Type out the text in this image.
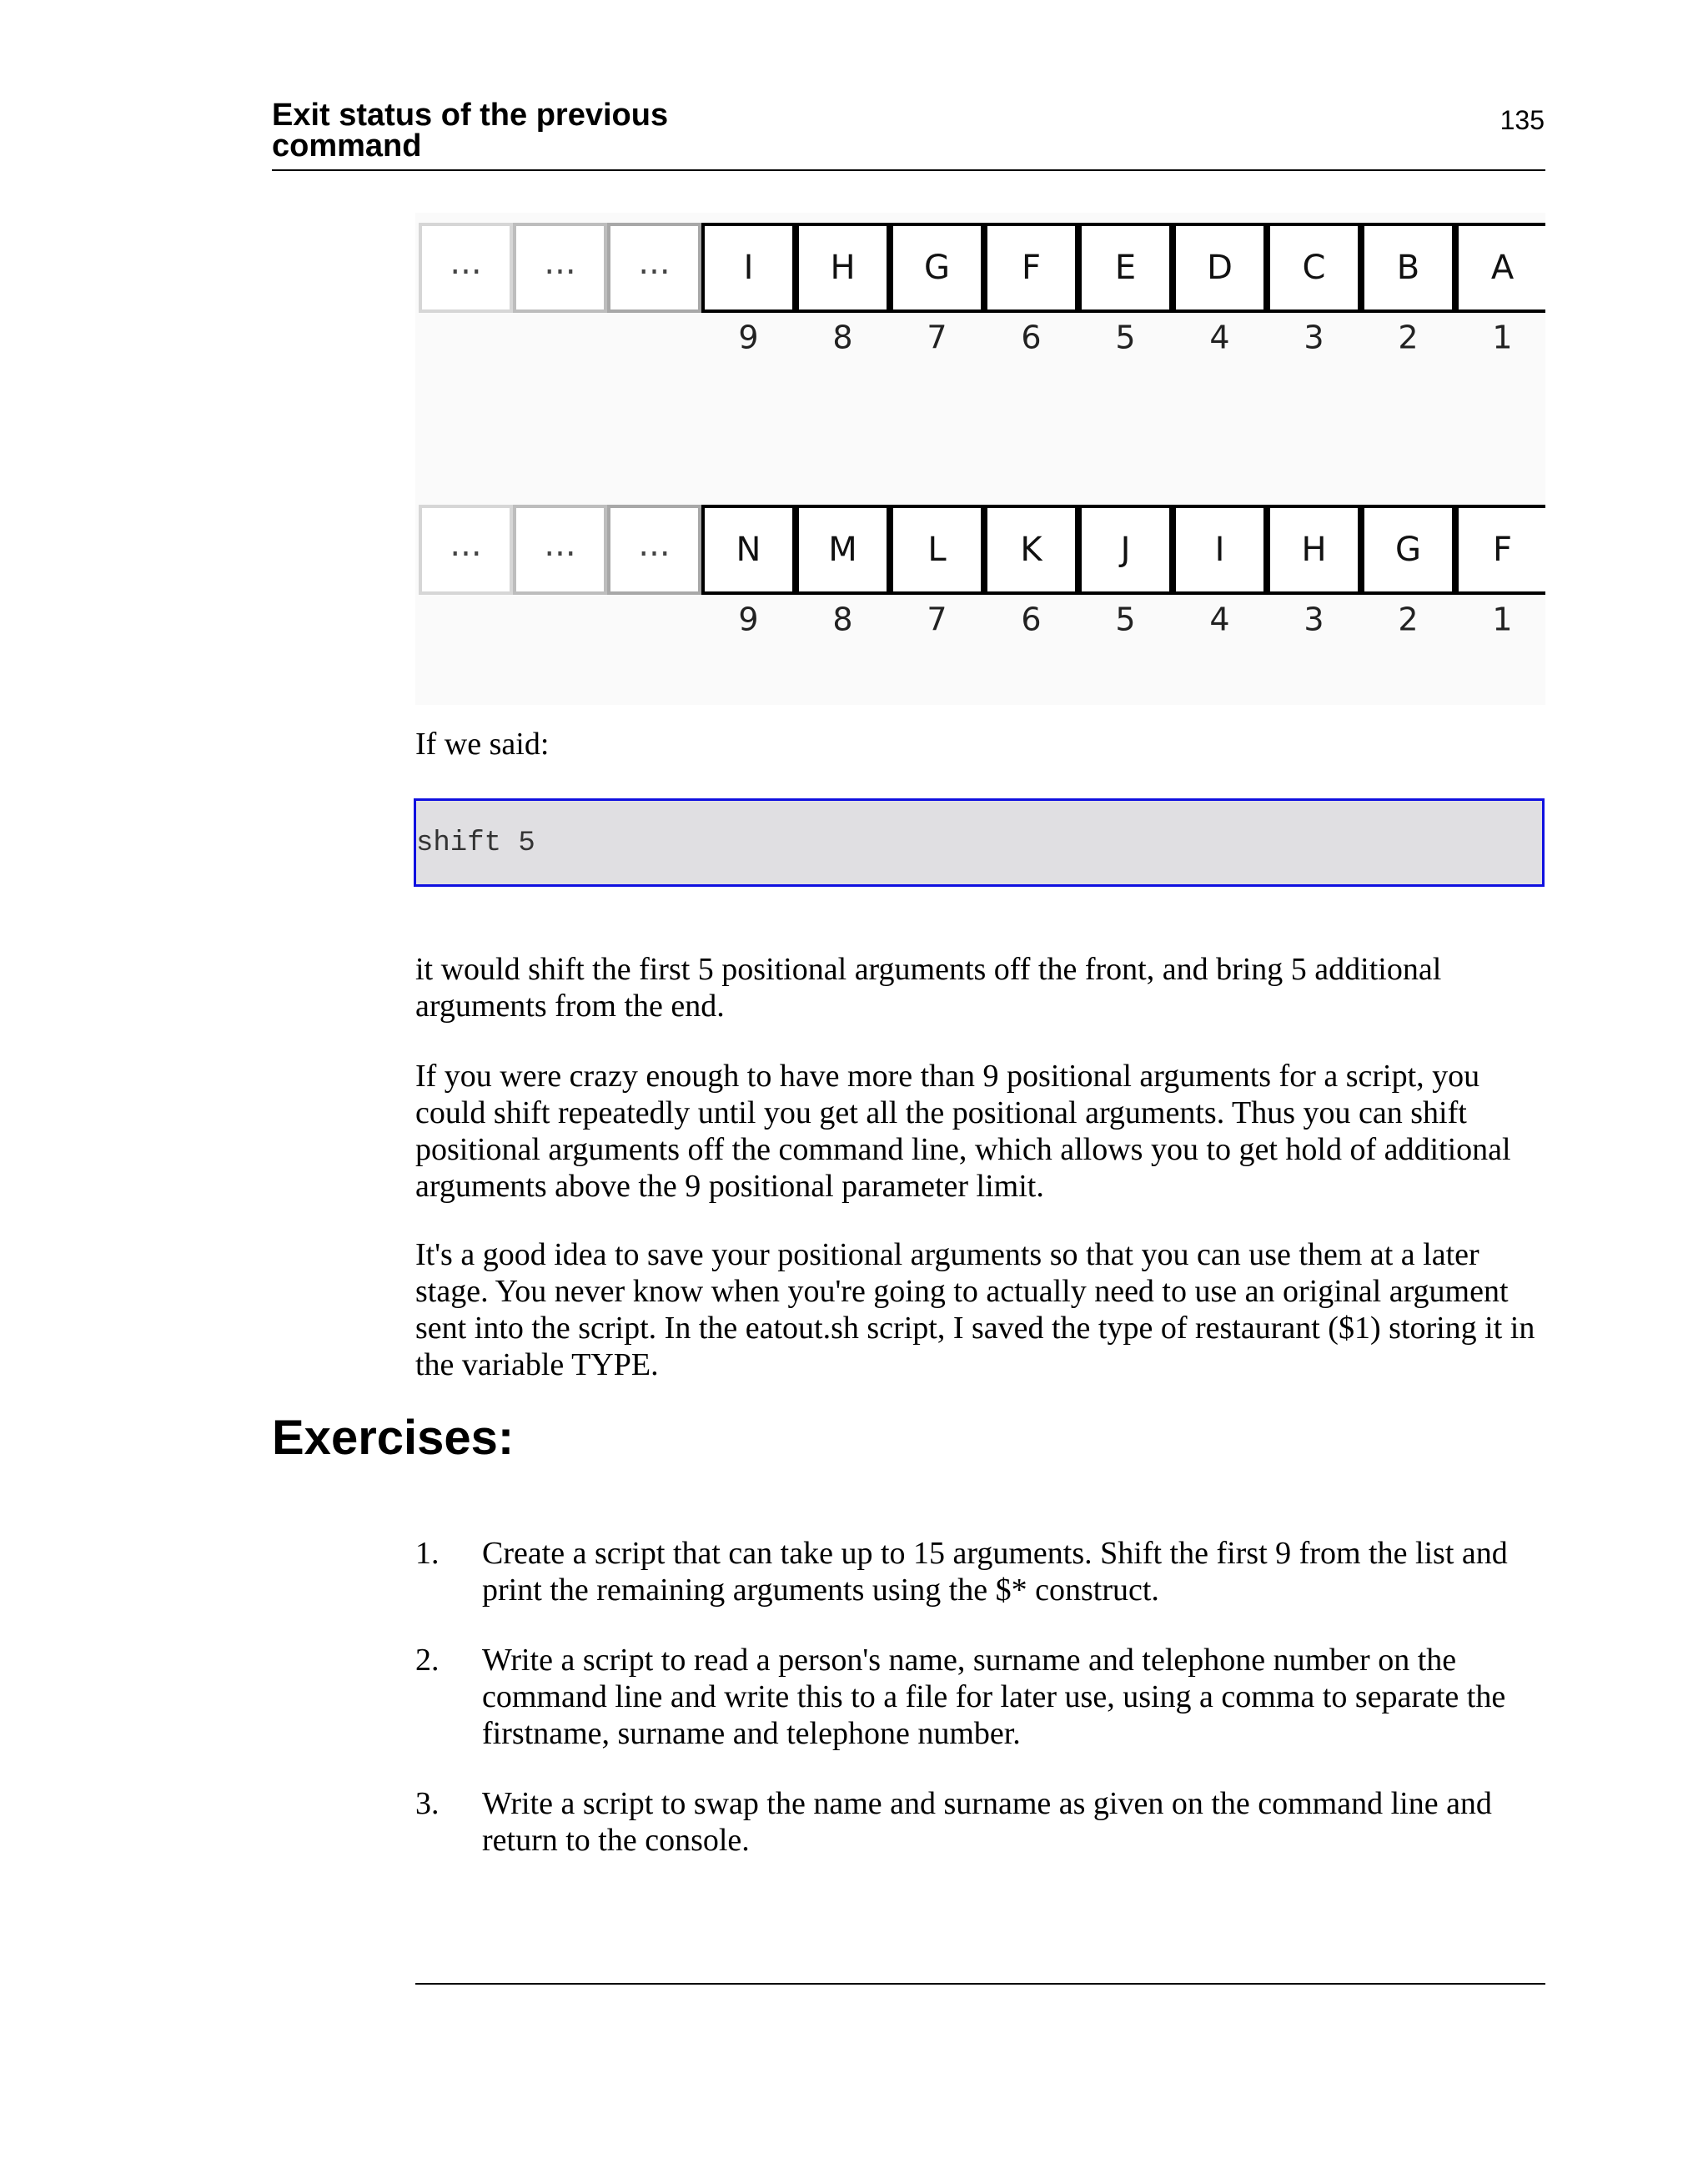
Exit status of the previous command
135
... ... ... I H G F E D C B A
9 8 7 6 5 4 3 2 1
... ... ... N M L K J	I H G F
9 8 7 6 5 4 3 2 1
If we said:
shift 5
it would shift the first 5 positional arguments off the front, and bring 5 additional arguments from the end.
If you were crazy enough to have more than 9 positional arguments for a script, you could shift repeatedly until you get all the positional arguments. Thus you can shift positional arguments off the command line, which allows you to get hold of additional arguments above the 9 positional parameter limit.
It's a good idea to save your positional arguments so that you can use them at a later stage. You never know when you're going to actually need to use an original argument sent into the script. In the eatout.sh script, I saved the type of restaurant ($1) storing it in the variable TYPE.
Exercises:
1. Create a script that can take up to 15 arguments. Shift the first 9 from the list and print the remaining arguments using the $* construct.
2. Write a script to read a person's name, surname and telephone number on the command line and write this to a file for later use, using a comma to separate the firstname, surname and telephone number.
3. Write a script to swap the name and surname as given on the command line and return to the console.
